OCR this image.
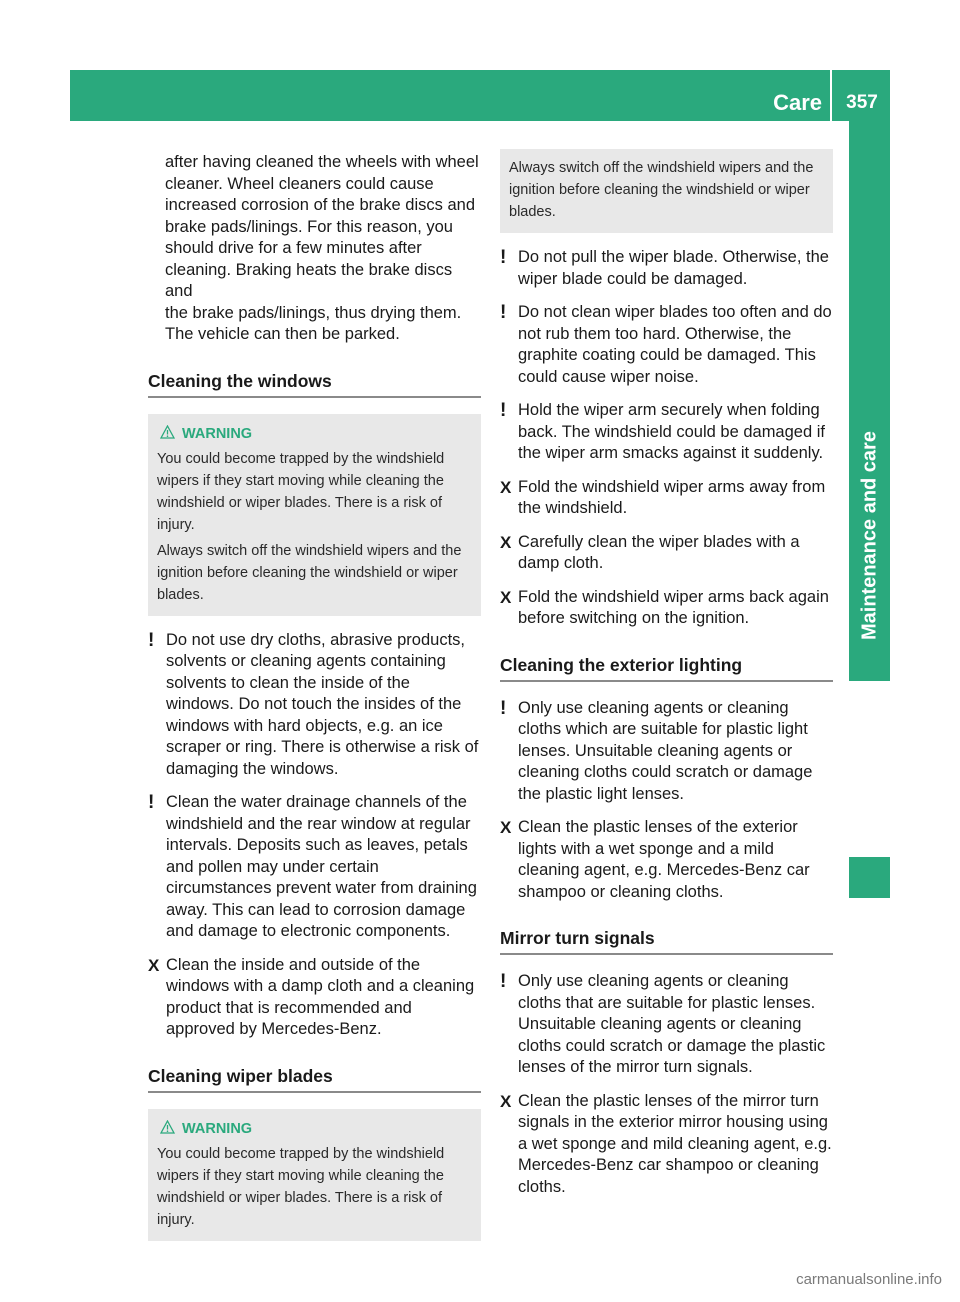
Care	357
Maintenance and care

after having cleaned the wheels with wheel

cleaner. Wheel cleaners could cause

increased corrosion of the brake discs and

brake pads/linings. For this reason, you

should drive for a few minutes after

cleaning. Braking heats the brake discs and

the brake pads/linings, thus drying them.

The vehicle can then be parked.

Cleaning the windows
WARNING

You could become trapped by the windshield wipers if they start moving while cleaning the windshield or wiper blades. There is a risk of injury.

Always switch off the windshield wipers and the ignition before cleaning the windshield or wiper blades.

! Do not use dry cloths, abrasive products, solvents or cleaning agents containing solvents to clean the inside of the windows. Do not touch the insides of the windows with hard objects, e.g. an ice scraper or ring. There is otherwise a risk of damaging the windows.

! Clean the water drainage channels of the windshield and the rear window at regular intervals. Deposits such as leaves, petals and pollen may under certain circumstances prevent water from draining away. This can lead to corrosion damage and damage to electronic components.

X Clean the inside and outside of the windows with a damp cloth and a cleaning product that is recommended and approved by Mercedes-Benz.

Cleaning wiper blades
WARNING

You could become trapped by the windshield wipers if they start moving while cleaning the windshield or wiper blades. There is a risk of injury.

Always switch off the windshield wipers and the ignition before cleaning the windshield or wiper blades.

! Do not pull the wiper blade. Otherwise, the wiper blade could be damaged.

! Do not clean wiper blades too often and do not rub them too hard. Otherwise, the graphite coating could be damaged. This could cause wiper noise.

! Hold the wiper arm securely when folding back. The windshield could be damaged if the wiper arm smacks against it suddenly.

X Fold the windshield wiper arms away from the windshield.

X Carefully clean the wiper blades with a damp cloth.

X Fold the windshield wiper arms back again before switching on the ignition.

Cleaning the exterior lighting
! Only use cleaning agents or cleaning cloths which are suitable for plastic light lenses. Unsuitable cleaning agents or cleaning cloths could scratch or damage the plastic light lenses.

X Clean the plastic lenses of the exterior lights with a wet sponge and a mild cleaning agent, e.g. Mercedes-Benz car shampoo or cleaning cloths.

Mirror turn signals
! Only use cleaning agents or cleaning cloths that are suitable for plastic lenses. Unsuitable cleaning agents or cleaning cloths could scratch or damage the plastic lenses of the mirror turn signals.

X Clean the plastic lenses of the mirror turn signals in the exterior mirror housing using a wet sponge and mild cleaning agent, e.g. Mercedes-Benz car shampoo or cleaning cloths.

carmanualsonline.info
